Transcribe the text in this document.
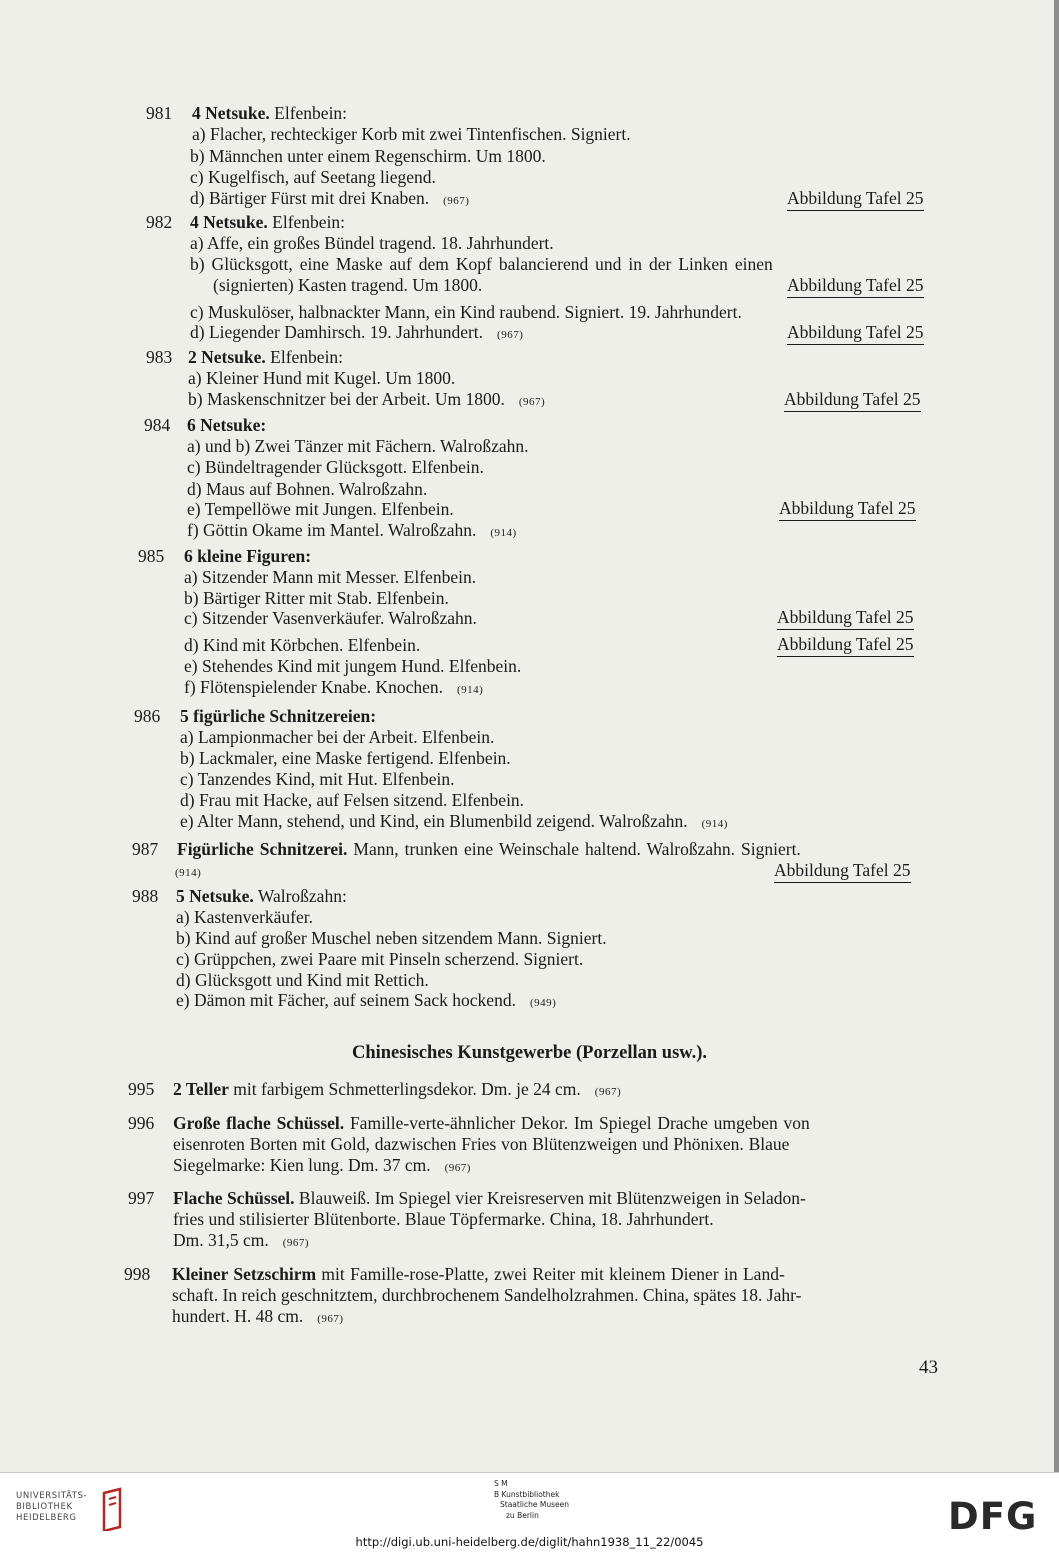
981 4 Netsuke. Elfenbein:
a) Flacher, rechteckiger Korb mit zwei Tintenfischen. Signiert.
b) Männchen unter einem Regenschirm. Um 1800.
c) Kugelfisch, auf Seetang liegend.
d) Bärtiger Fürst mit drei Knaben. (967)	Abbildung Tafel 25
982 4 Netsuke. Elfenbein:
a) Affe, ein großes Bündel tragend. 18. Jahrhundert.
b) Glücksgott, eine Maske auf dem Kopf balancierend und in der Linken einen
(signierten) Kasten tragend. Um 1800.	Abbildung Tafel 25
c) Muskulöser, halbnackter Mann, ein Kind raubend. Signiert. 19. Jahrhundert.
d) Liegender Damhirsch. 19. Jahrhundert. (967)	Abbildung Tafel 25
983 2 Netsuke. Elfenbein:
a) Kleiner Hund mit Kugel. Um 1800.
b) Maskenschnitzer bei der Arbeit. Um 1800. (967)	Abbildung Tafel 25
984 6 Netsuke:
a) und b) Zwei Tänzer mit Fächern. Walroßzahn.
c) Bündeltragender Glücksgott. Elfenbein.
d) Maus auf Bohnen. Walroßzahn.
e) Tempellöwe mit Jungen. Elfenbein.	Abbildung Tafel 25
f) Göttin Okame im Mantel. Walroßzahn. (914)
985 6 kleine Figuren:
a) Sitzender Mann mit Messer. Elfenbein.
b) Bärtiger Ritter mit Stab. Elfenbein.
c) Sitzender Vasenverkäufer. Walroßzahn.	Abbildung Tafel 25
d) Kind mit Körbchen. Elfenbein.	Abbildung Tafel 25
e) Stehendes Kind mit jungem Hund. Elfenbein.
f) Flötenspielender Knabe. Knochen. (914)
986 5 figürliche Schnitzereien:
a) Lampionmacher bei der Arbeit. Elfenbein.
b) Lackmaler, eine Maske fertigend. Elfenbein.
c) Tanzendes Kind, mit Hut. Elfenbein.
d) Frau mit Hacke, auf Felsen sitzend. Elfenbein.
e) Alter Mann, stehend, und Kind, ein Blumenbild zeigend. Walroßzahn. (914)
987 Figürliche Schnitzerei. Mann, trunken eine Weinschale haltend. Walroßzahn. Signiert.
(914)	Abbildung Tafel 25
988 5 Netsuke. Walroßzahn:
a) Kastenverkäufer.
b) Kind auf großer Muschel neben sitzendem Mann. Signiert.
c) Grüppchen, zwei Paare mit Pinseln scherzend. Signiert.
d) Glücksgott und Kind mit Rettich.
e) Dämon mit Fächer, auf seinem Sack hockend. (949)
Chinesisches Kunstgewerbe (Porzellan usw.).
995 2 Teller mit farbigem Schmetterlingsdekor. Dm. je 24 cm. (967)
996 Große flache Schüssel. Famille-verte-ähnlicher Dekor. Im Spiegel Drache umgeben von
eisenroten Borten mit Gold, dazwischen Fries von Blütenzweigen und Phönixen. Blaue
Siegelmarke: Kien lung. Dm. 37 cm. (967)
997 Flache Schüssel. Blauweiß. Im Spiegel vier Kreisreserven mit Blütenzweigen in Seladon-
fries und stilisierter Blütenborte. Blaue Töpfermarke. China, 18. Jahrhundert.
Dm. 31,5 cm. (967)
998 Kleiner Setzschirm mit Famille-rose-Platte, zwei Reiter mit kleinem Diener in Land-
schaft. In reich geschnitztem, durchbrochenem Sandelholzrahmen. China, spätes 18. Jahr-
hundert. H. 48 cm. (967)
43
UNIVERSITÄTS-
BIBLIOTHEK
HEIDELBERG
S M
B Kunstbibliothek
Staatliche Museen
zu Berlin	DFG
http://digi.ub.uni-heidelberg.de/diglit/hahn1938_11_22/0045
